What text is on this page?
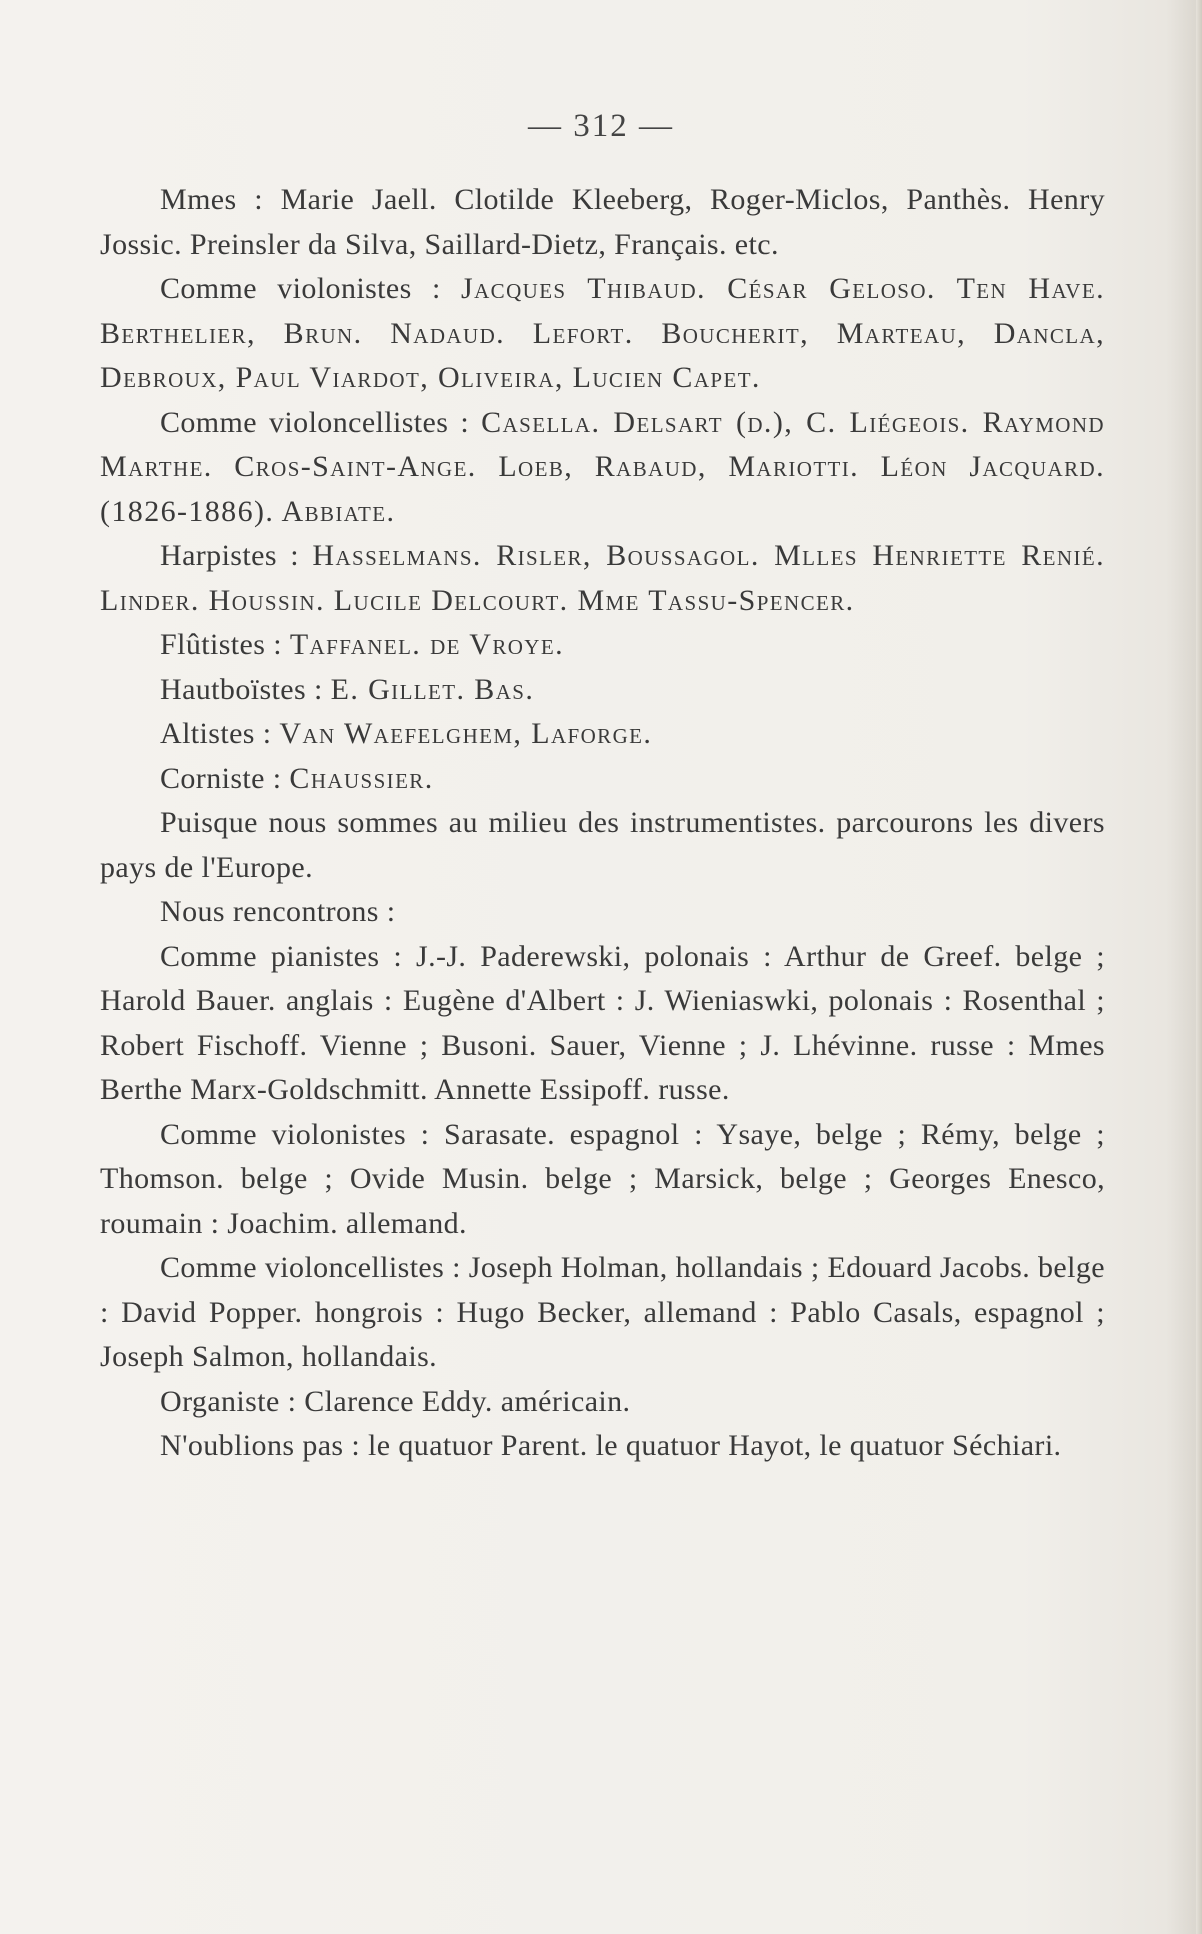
— 312 —

Mmes : Marie Jaell. Clotilde Kleeberg, Roger-Miclos, Panthès. Henry Jossic. Preinsler da Silva, Saillard-Dietz, Français. etc.

Comme violonistes : Jacques Thibaud. César Geloso. Ten Have. Berthelier, Brun. Nadaud. Lefort. Boucherit, Marteau, Dancla, Debroux, Paul Viardot, Oliveira, Lucien Capet.

Comme violoncellistes : Casella. Delsart (d.), C. Liégeois. Raymond Marthe. Cros-Saint-Ange. Loeb, Rabaud, Mariotti. Léon Jacquard. (1826-1886). Abbiate.

Harpistes : Hasselmans. Risler, Boussagol. Mlles Henriette Renié. Linder. Houssin. Lucile Delcourt. Mme Tassu-Spencer.

Flûtistes : Taffanel. de Vroye.

Hautboïstes : E. Gillet. Bas.

Altistes : Van Waefelghem, Laforge.

Corniste : Chaussier.

Puisque nous sommes au milieu des instrumentistes. parcourons les divers pays de l'Europe.

Nous rencontrons :

Comme pianistes : J.-J. Paderewski, polonais : Arthur de Greef. belge ; Harold Bauer. anglais : Eugène d'Albert : J. Wieniaswki, polonais : Rosenthal ; Robert Fischoff. Vienne ; Busoni. Sauer, Vienne ; J. Lhévinne. russe : Mmes Berthe Marx-Goldschmitt. Annette Essipoff. russe.

Comme violonistes : Sarasate. espagnol : Ysaye, belge ; Rémy, belge ; Thomson. belge ; Ovide Musin. belge ; Marsick, belge ; Georges Enesco, roumain : Joachim. allemand.

Comme violoncellistes : Joseph Holman, hollandais ; Edouard Jacobs. belge : David Popper. hongrois : Hugo Becker, allemand : Pablo Casals, espagnol ; Joseph Salmon, hollandais.

Organiste : Clarence Eddy. américain.

N'oublions pas : le quatuor Parent. le quatuor Hayot, le quatuor Séchiari.
